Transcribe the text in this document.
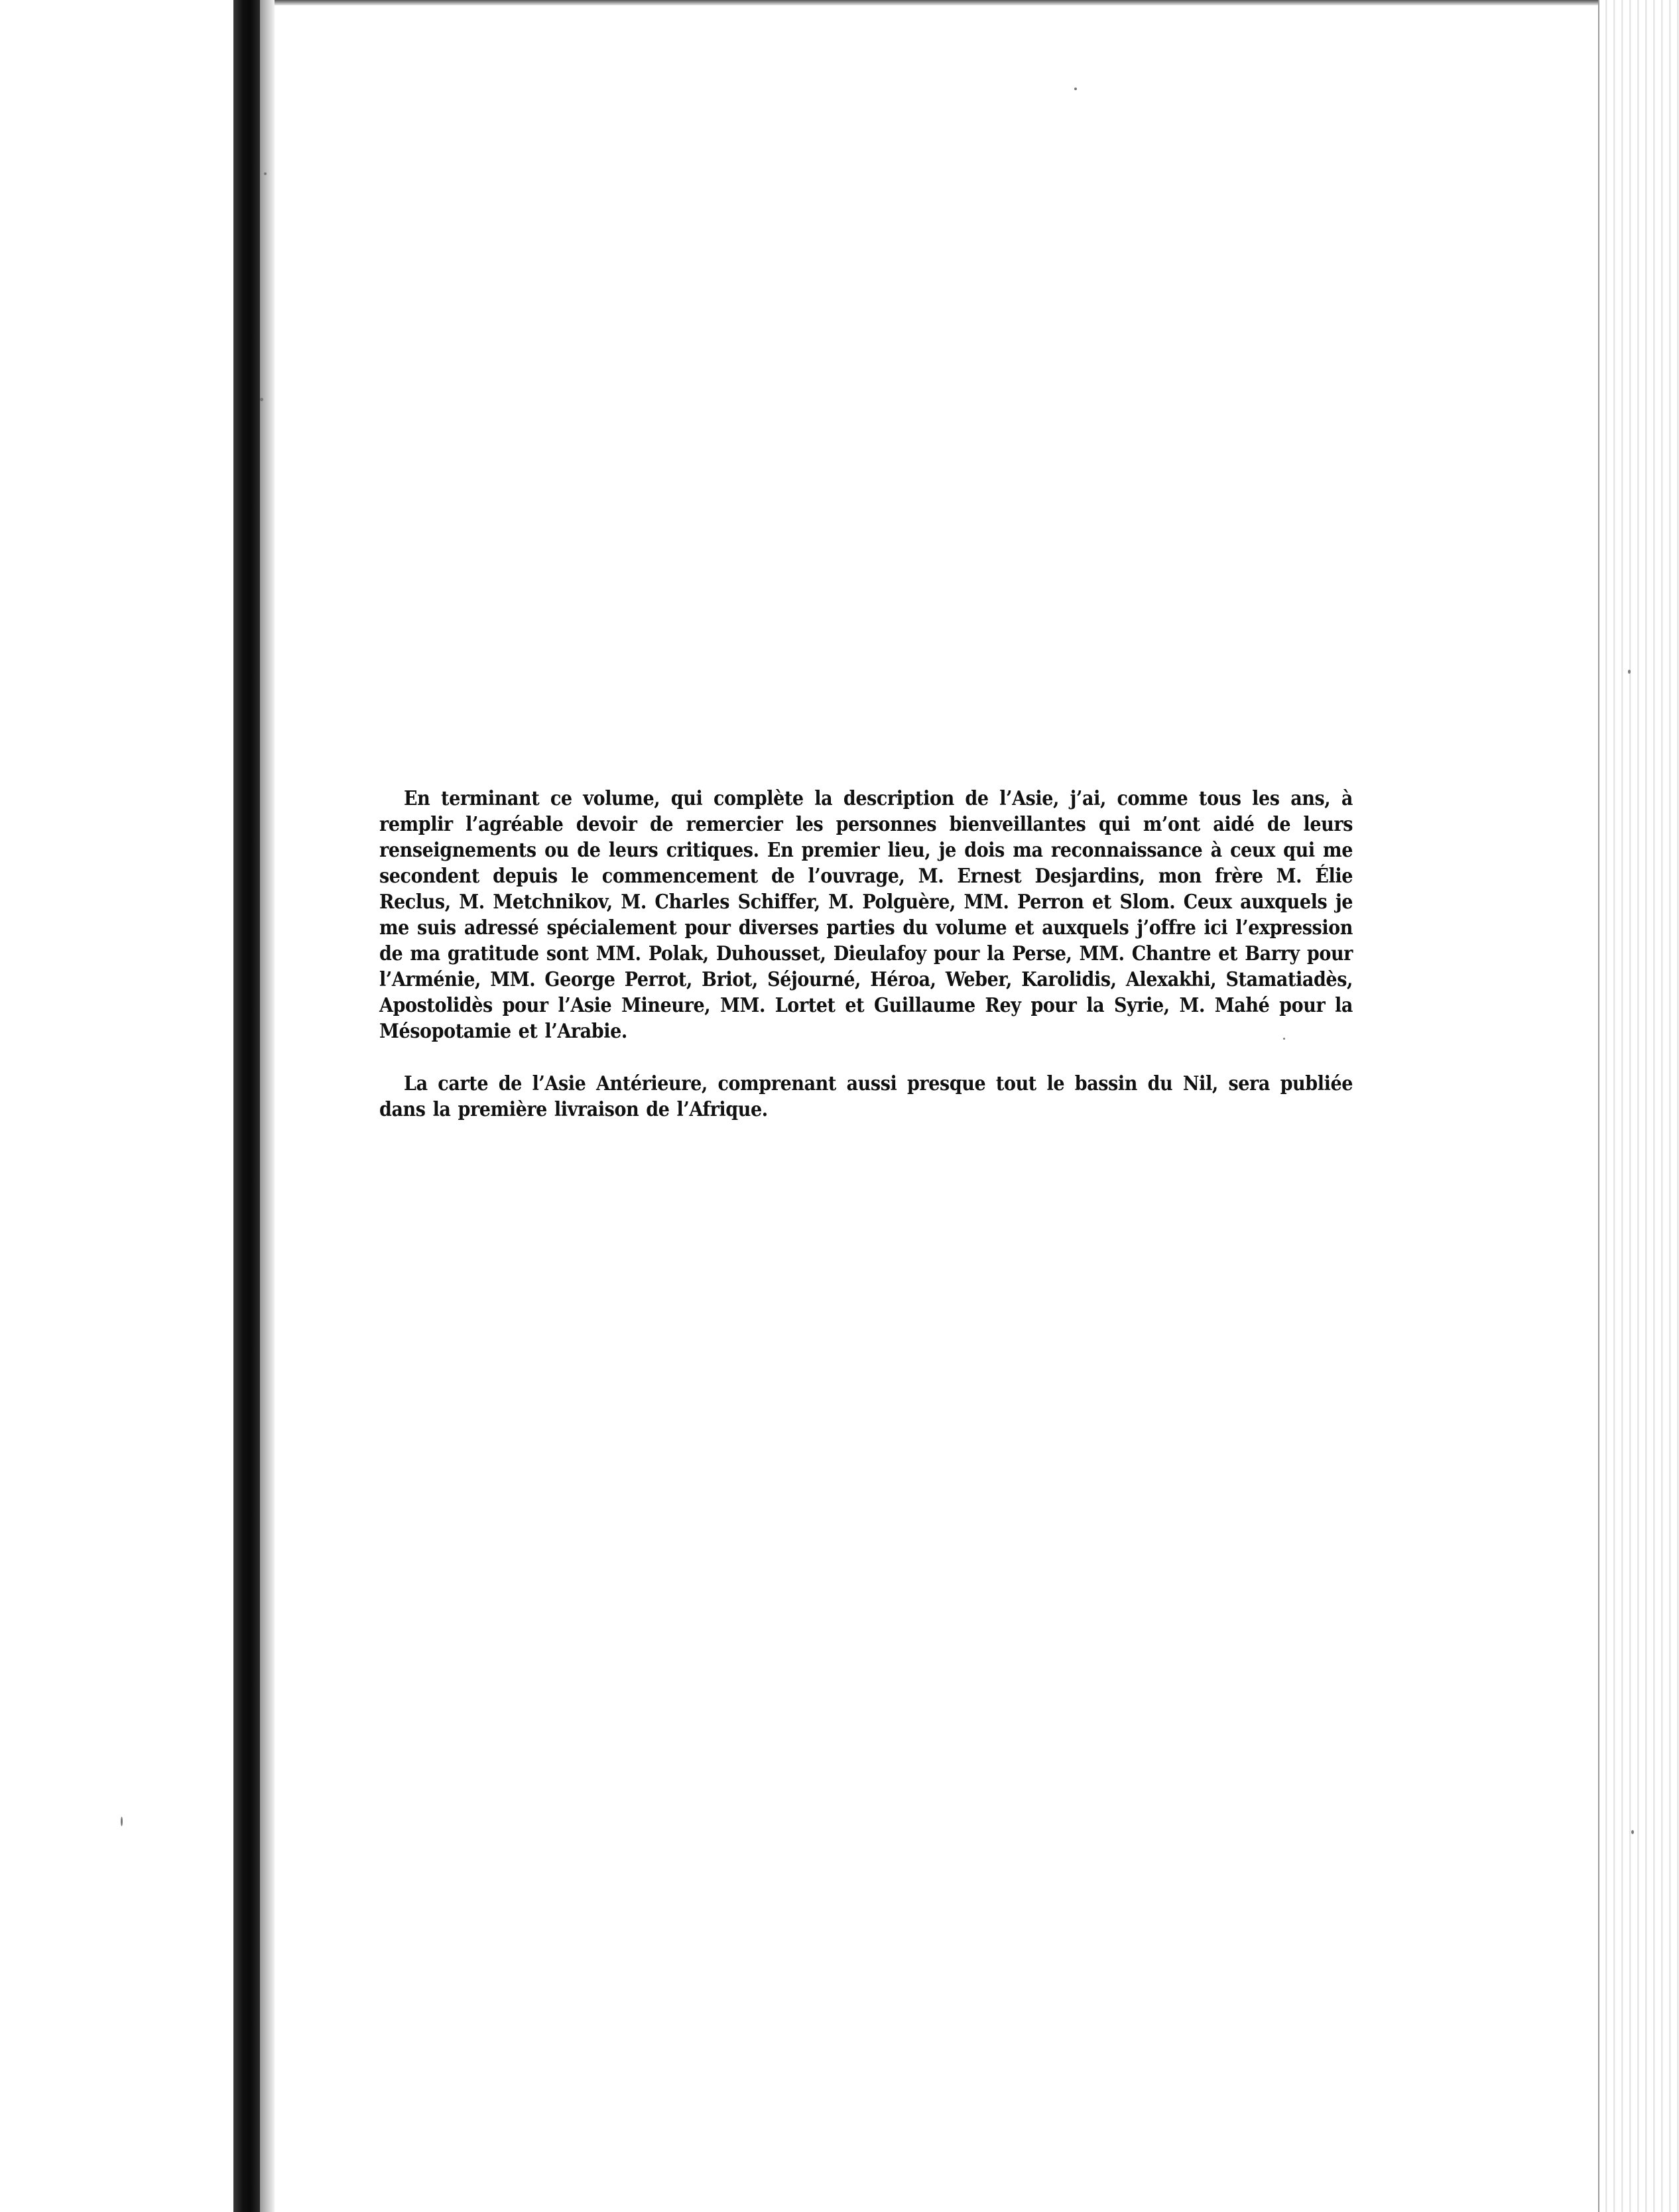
En terminant ce volume, qui complète la description de l’Asie, j’ai, comme tous les ans, à remplir l’agréable devoir de remercier les personnes bienveillantes qui m’ont aidé de leurs renseignements ou de leurs critiques. En premier lieu, je dois ma reconnaissance à ceux qui me secondent depuis le commencement de l’ouvrage, M. Ernest Desjardins, mon frère M. Élie Reclus, M. Metchnikov, M. Charles Schiffer, M. Polguère, MM. Perron et Slom. Ceux auxquels je me suis adressé spécialement pour diverses parties du volume et auxquels j’offre ici l’expression de ma gratitude sont MM. Polak, Duhousset, Dieulafoy pour la Perse, MM. Chantre et Barry pour l’Arménie, MM. George Perrot, Briot, Séjourné, Héroa, Weber, Karolidis, Alexakhi, Stamatiadès, Apostolidès pour l’Asie Mineure, MM. Lortet et Guillaume Rey pour la Syrie, M. Mahé pour la Mésopotamie et l’Arabie.

La carte de l’Asie Antérieure, comprenant aussi presque tout le bassin du Nil, sera publiée dans la première livraison de l’Afrique.
